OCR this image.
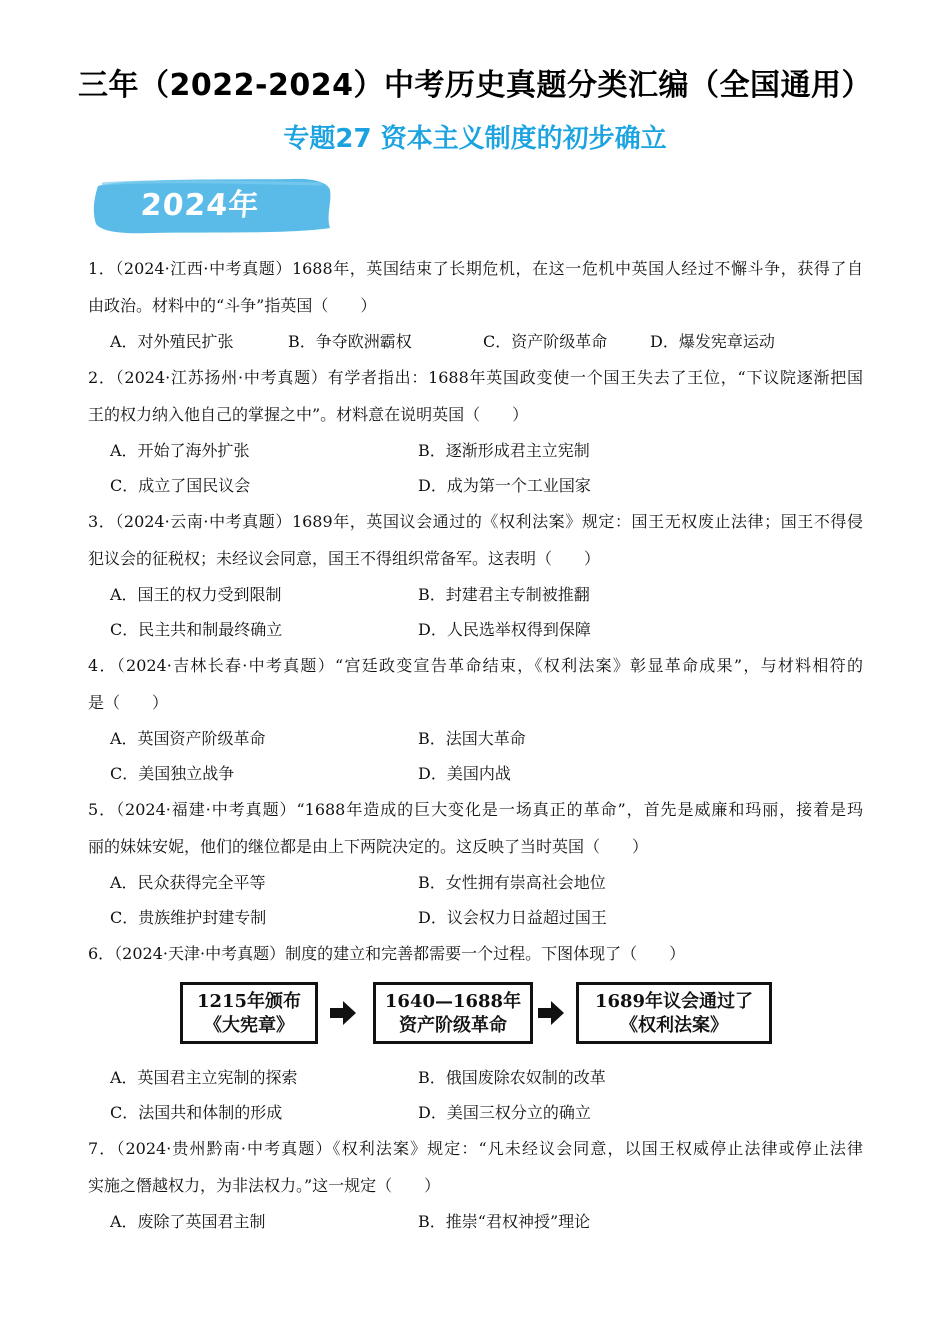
三年（2022-2024）中考历史真题分类汇编（全国通用）
专题27 资本主义制度的初步确立
2024年
1．（2024·江西·中考真题）1688年，英国结束了长期危机，在这一危机中英国人经过不懈斗争，获得了自
由政治。材料中的“斗争”指英国（　　）
A．对外殖民扩张	B．争夺欧洲霸权	C．资产阶级革命	D．爆发宪章运动
2．（2024·江苏扬州·中考真题）有学者指出：1688年英国政变使一个国王失去了王位，“下议院逐渐把国
王的权力纳入他自己的掌握之中”。材料意在说明英国（　　）
A．开始了海外扩张	B．逐渐形成君主立宪制
C．成立了国民议会	D．成为第一个工业国家
3．（2024·云南·中考真题）1689年，英国议会通过的《权利法案》规定：国王无权废止法律；国王不得侵
犯议会的征税权；未经议会同意，国王不得组织常备军。这表明（　　）
A．国王的权力受到限制	B．封建君主专制被推翻
C．民主共和制最终确立	D．人民选举权得到保障
4．（2024·吉林长春·中考真题）“宫廷政变宣告革命结束，《权利法案》彰显革命成果”，与材料相符的
是（　　）
A．英国资产阶级革命	B．法国大革命
C．美国独立战争	D．美国内战
5．（2024·福建·中考真题）“1688年造成的巨大变化是一场真正的革命”，首先是威廉和玛丽，接着是玛
丽的妹妹安妮，他们的继位都是由上下两院决定的。这反映了当时英国（　　）
A．民众获得完全平等	B．女性拥有崇高社会地位
C．贵族维护封建专制	D．议会权力日益超过国王
6．（2024·天津·中考真题）制度的建立和完善都需要一个过程。下图体现了（　　）
1215年颁布
《大宪章》
1640—1688年
资产阶级革命
1689年议会通过了
《权利法案》
A．英国君主立宪制的探索	B．俄国废除农奴制的改革
C．法国共和体制的形成	D．美国三权分立的确立
7．（2024·贵州黔南·中考真题）《权利法案》规定：“凡未经议会同意，以国王权威停止法律或停止法律
实施之僭越权力，为非法权力。”这一规定（　　）
A．废除了英国君主制	B．推崇“君权神授”理论
